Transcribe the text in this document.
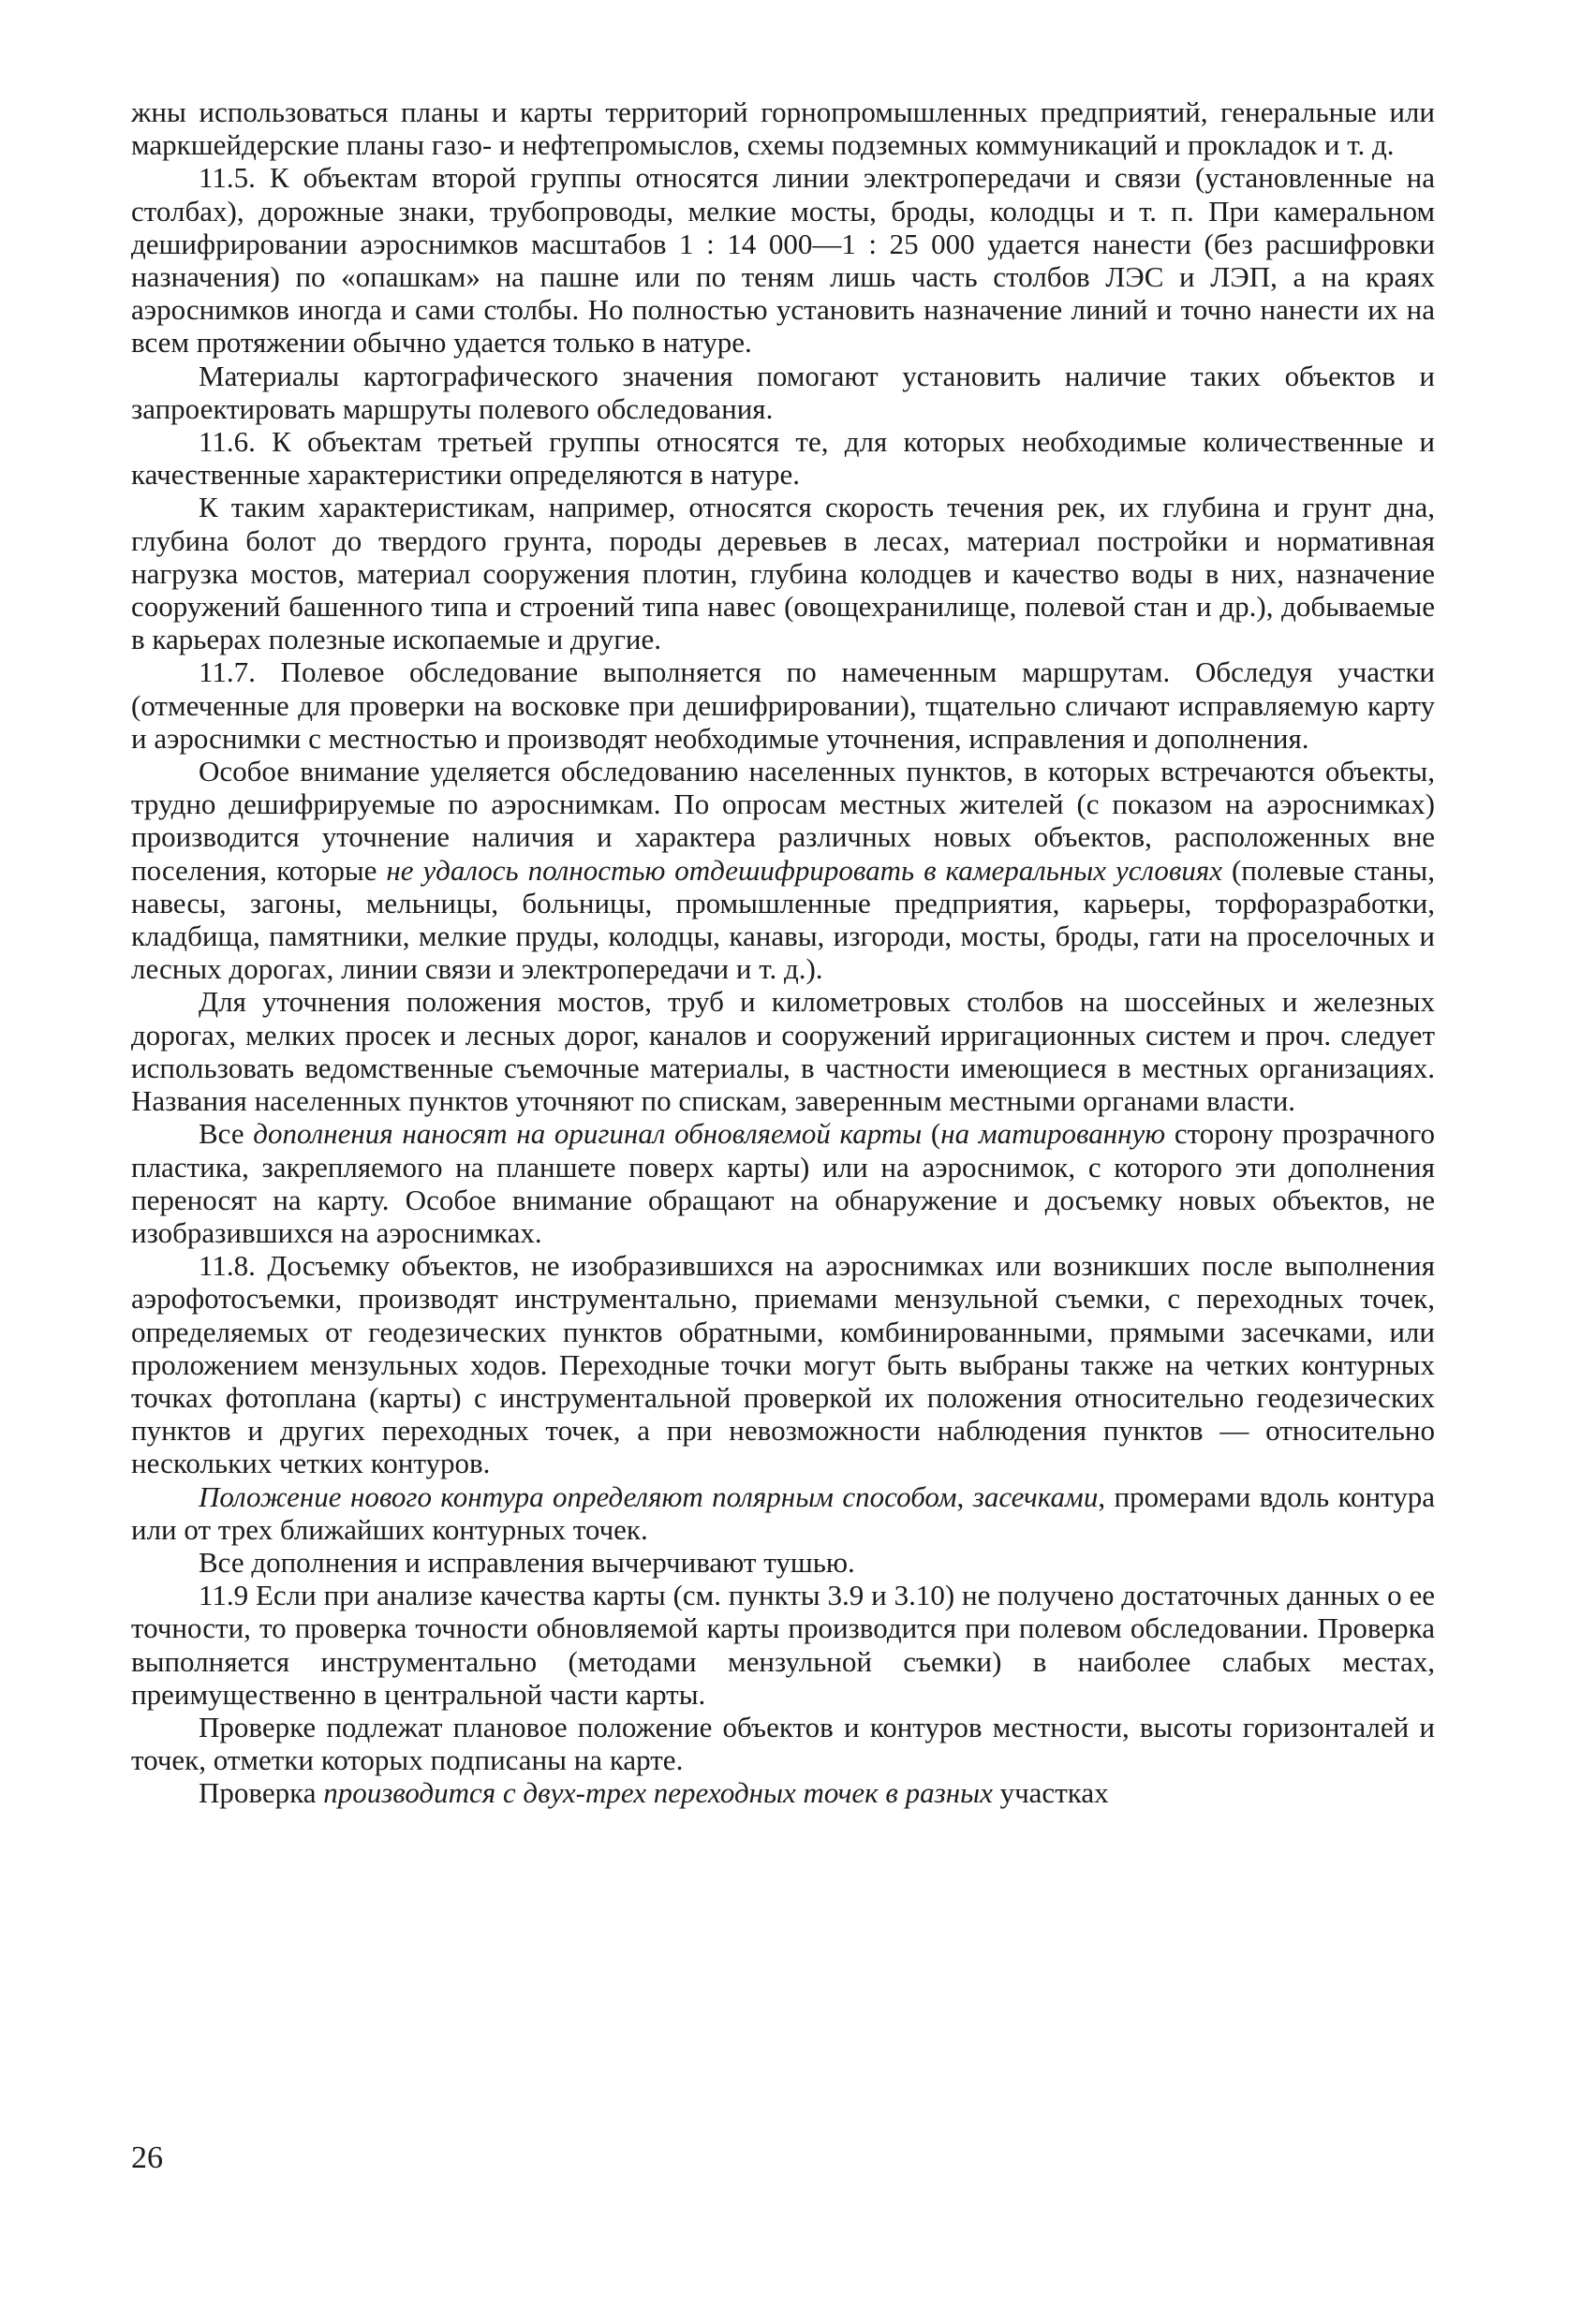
жны использоваться планы и карты территорий горнопромышленных предприятий, генеральные или маркшейдерские планы газо- и нефтепромыслов, схемы подземных коммуникаций и прокладок и т. д.

11.5. К объектам второй группы относятся линии электропередачи и связи (установленные на столбах), дорожные знаки, трубопроводы, мелкие мосты, броды, колодцы и т. п. При камеральном дешифрировании аэроснимков масштабов 1 : 14 000—1 : 25 000 удается нанести (без расшифровки назначения) по «опашкам» на пашне или по теням лишь часть столбов ЛЭС и ЛЭП, а на краях аэроснимков иногда и сами столбы. Но полностью установить назначение линий и точно нанести их на всем протяжении обычно удается только в натуре.

Материалы картографического значения помогают установить наличие таких объектов и запроектировать маршруты полевого обследования.

11.6. К объектам третьей группы относятся те, для которых необходимые количественные и качественные характеристики определяются в натуре.

К таким характеристикам, например, относятся скорость течения рек, их глубина и грунт дна, глубина болот до твердого грунта, породы деревьев в лесах, материал постройки и нормативная нагрузка мостов, материал сооружения плотин, глубина колодцев и качество воды в них, назначение сооружений башенного типа и строений типа навес (овощехранилище, полевой стан и др.), добываемые в карьерах полезные ископаемые и другие.

11.7. Полевое обследование выполняется по намеченным маршрутам. Обследуя участки (отмеченные для проверки на восковке при дешифрировании), тщательно сличают исправляемую карту и аэроснимки с местностью и производят необходимые уточнения, исправления и дополнения.

Особое внимание уделяется обследованию населенных пунктов, в которых встречаются объекты, трудно дешифрируемые по аэроснимкам. По опросам местных жителей (с показом на аэроснимках) производится уточнение наличия и характера различных новых объектов, расположенных вне поселения, которые не удалось полностью отдешифрировать в камеральных условиях (полевые станы, навесы, загоны, мельницы, больницы, промышленные предприятия, карьеры, торфоразработки, кладбища, памятники, мелкие пруды, колодцы, канавы, изгороди, мосты, броды, гати на проселочных и лесных дорогах, линии связи и электропередачи и т. д.).

Для уточнения положения мостов, труб и километровых столбов на шоссейных и железных дорогах, мелких просек и лесных дорог, каналов и сооружений ирригационных систем и проч. следует использовать ведомственные съемочные материалы, в частности имеющиеся в местных организациях. Названия населенных пунктов уточняют по спискам, заверенным местными органами власти.

Все дополнения наносят на оригинал обновляемой карты (на матированную сторону прозрачного пластика, закрепляемого на планшете поверх карты) или на аэроснимок, с которого эти дополнения переносят на карту. Особое внимание обращают на обнаружение и досъемку новых объектов, не изобразившихся на аэроснимках.

11.8. Досъемку объектов, не изобразившихся на аэроснимках или возникших после выполнения аэрофотосъемки, производят инструментально, приемами мензульной съемки, с переходных точек, определяемых от геодезических пунктов обратными, комбинированными, прямыми засечками, или проложением мензульных ходов. Переходные точки могут быть выбраны также на четких контурных точках фотоплана (карты) с инструментальной проверкой их положения относительно геодезических пунктов и других переходных точек, а при невозможности наблюдения пунктов — относительно нескольких четких контуров.

Положение нового контура определяют полярным способом, засечками, промерами вдоль контура или от трех ближайших контурных точек.

Все дополнения и исправления вычерчивают тушью.

11.9 Если при анализе качества карты (см. пункты 3.9 и 3.10) не получено достаточных данных о ее точности, то проверка точности обновляемой карты производится при полевом обследовании. Проверка выполняется инструментально (методами мензульной съемки) в наиболее слабых местах, преимущественно в центральной части карты.

Проверке подлежат плановое положение объектов и контуров местности, высоты горизонталей и точек, отметки которых подписаны на карте.

Проверка производится с двух-трех переходных точек в разных участках

26
